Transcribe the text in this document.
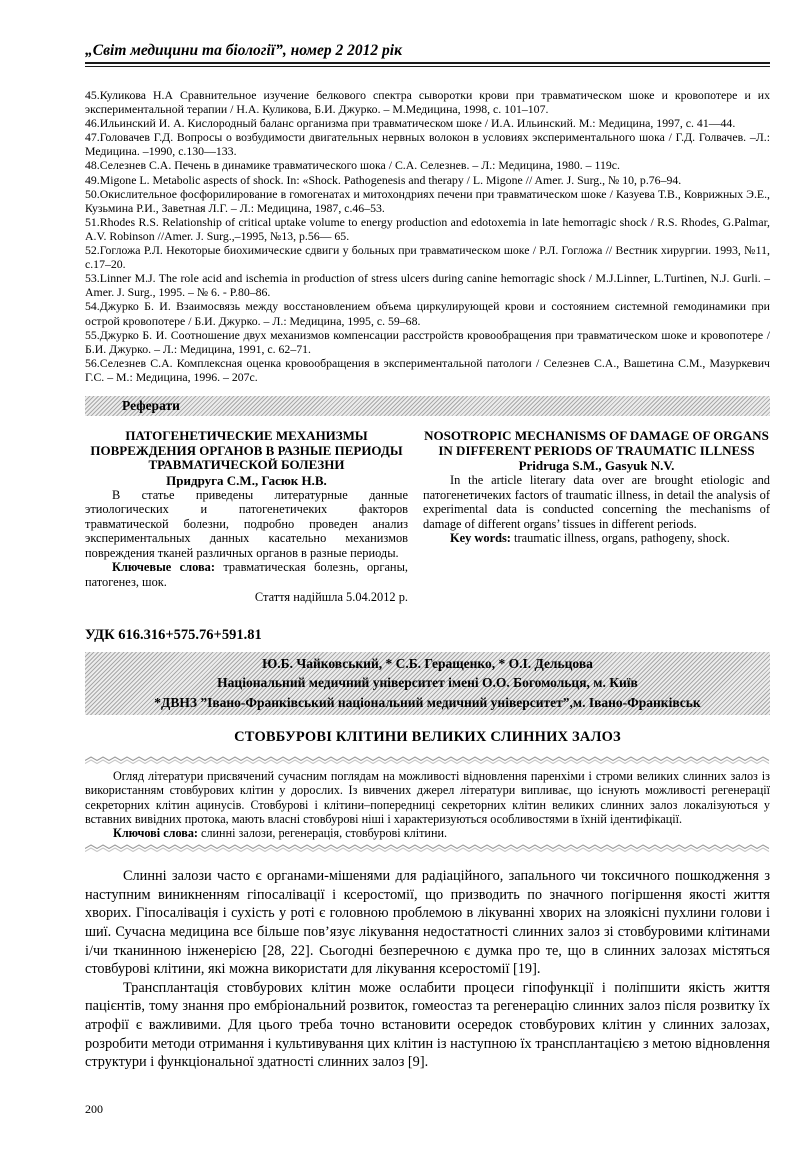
„Світ медицини та біології”, номер 2 2012 рік
45.Куликова Н.А Сравнительное изучение белкового спектра сыворотки крови при травматическом шоке и кровопотере и их экспериментальной терапии / Н.А. Куликова, Б.И. Джурко. – М.Медицина, 1998, с. 101–107.
46.Ильинский И. А. Кислородный баланс организма при травматическом шоке / И.А. Ильинский. М.: Медицина, 1997, с. 41—44.
47.Головачев Г.Д. Вопросы о возбудимости двигательных нервных волокон в условиях экспериментального шока / Г.Д. Голвачев. –Л.: Медицина. –1990, с.130—133.
48.Селезнев С.А. Печень в динамике травматического шока / С.А. Селезнев. – Л.: Медицина, 1980. – 119с.
49.Migone L. Metabolic aspects of shock. In: «Shock. Pathogenesis and therapy / L. Migone // Amer. J. Surg., № 10, p.76–94.
50.Окислительное фосфорилирование в гомогенатах и митохондриях печени при травматическом шоке / Казуева Т.В., Коврижных Э.Е., Кузьмина Р.И., Заветная Л.Г. – Л.: Медицина, 1987, с.46–53.
51.Rhodes R.S. Relationship of critical uptake volume to energy production and edotoxemia in late hemorragic shock / R.S. Rhodes, G.Palmar, A.V. Robinson //Amer. J. Surg.,–1995, №13, p.56— 65.
52.Гогложа Р.Л. Некоторые биохимические сдвиги у больных при травматическом шоке / Р.Л. Гогложа // Вестник хирургии. 1993, №11, с.17–20.
53.Linner M.J. The role acid and ischemia in production of stress ulcers during canine hemorragic shock / M.J.Linner, L.Turtinen, N.J. Gurli. – Amer. J. Surg., 1995. – № 6. - P.80–86.
54.Джурко Б. И. Взаимосвязь между восстановлением объема циркулирующей крови и состоянием системной гемодинамики при острой кровопотере / Б.И. Джурко. – Л.: Медицина, 1995, с. 59–68.
55.Джурко Б. И. Соотношение двух механизмов компенсации расстройств кровообращения при травматическом шоке и кровопотере / Б.И. Джурко. – Л.: Медицина, 1991, с. 62–71.
56.Селезнев С.А. Комплексная оценка кровообращения в экспериментальной патологи / Селезнев С.А., Вашетина С.М., Мазуркевич Г.С. – М.: Медицина, 1996. – 207с.
Реферати
ПАТОГЕНЕТИЧЕСКИЕ МЕХАНИЗМЫ ПОВРЕЖДЕНИЯ ОРГАНОВ В РАЗНЫЕ ПЕРИОДЫ ТРАВМАТИЧЕСКОЙ БОЛЕЗНИ
Придруга С.М., Гасюк Н.В.
В статье приведены литературные данные этиологических и патогенетичеких факторов травматической болезни, подробно проведен анализ экспериментальных данных касательно механизмов повреждения тканей различных органов в разные периоды.
Ключевые слова: травматическая болезнь, органы, патогенез, шок.
Стаття надійшла 5.04.2012 р.
NOSOTROPIC MECHANISMS OF DAMAGE OF ORGANS IN DIFFERENT PERIODS OF TRAUMATIC ILLNESS
Pridruga S.M., Gasyuk N.V.
In the article literary data over are brought etiologic and патогенетичеких factors of traumatic illness, in detail the analysis of experimental data is conducted concerning the mechanisms of damage of different organs’ tissues in different periods.
Key words: traumatic illness, organs, pathogeny, shock.
УДК 616.316+575.76+591.81
Ю.Б. Чайковський, * С.Б. Геращенко, * О.І. Дельцова
Національний медичний університет імені О.О. Богомольця, м. Київ
*ДВНЗ ”Івано-Франківський національний медичний університет”,м. Івано-Франківськ
СТОВБУРОВІ КЛІТИНИ ВЕЛИКИХ СЛИННИХ ЗАЛОЗ
Огляд літератури присвячений сучасним поглядам на можливості відновлення паренхіми і строми великих слинних залоз із використанням стовбурових клітин у дорослих. Із вивчених джерел літератури випливає, що існують можливості регенерації секреторних клітин ацинусів. Стовбурові і клітини–попередниці секреторних клітин великих слинних залоз локалізуються у вставних вивідних протока, мають власні стовбурові ніші і характеризуються особливостями в їхній ідентифікації.
Ключові слова: слинні залози, регенерація, стовбурові клітини.

Слинні залози часто є органами-мішенями для радіаційного, запального чи токсичного пошкодження з наступним виникненням гіпосалівації і ксеростомії, що призводить по значного погіршення якості життя хворих. Гіпосалівація і сухість у роті є головною проблемою в лікуванні хворих на злоякісні пухлини голови і шиї. Сучасна медицина все більше пов’язує лікування недостатності слинних залоз зі стовбуровими клітинами і/чи тканинною інженерією [28, 22]. Сьогодні безперечною є думка про те, що в слинних залозах містяться стовбурові клітини, які можна використати для лікування ксеростомії [19].

Трансплантація стовбурових клітин може ослабити процеси гіпофункції і поліпшити якість життя пацієнтів, тому знання про ембріональний розвиток, гомеостаз та регенерацію слинних залоз після розвитку їх атрофії є важливими. Для цього треба точно встановити осередок стовбурових клітин у слинних залозах, розробити методи отримання і культивування цих клітин із наступною їх трансплантацією з метою відновлення структури і функціональної здатності слинних залоз [9].

200
